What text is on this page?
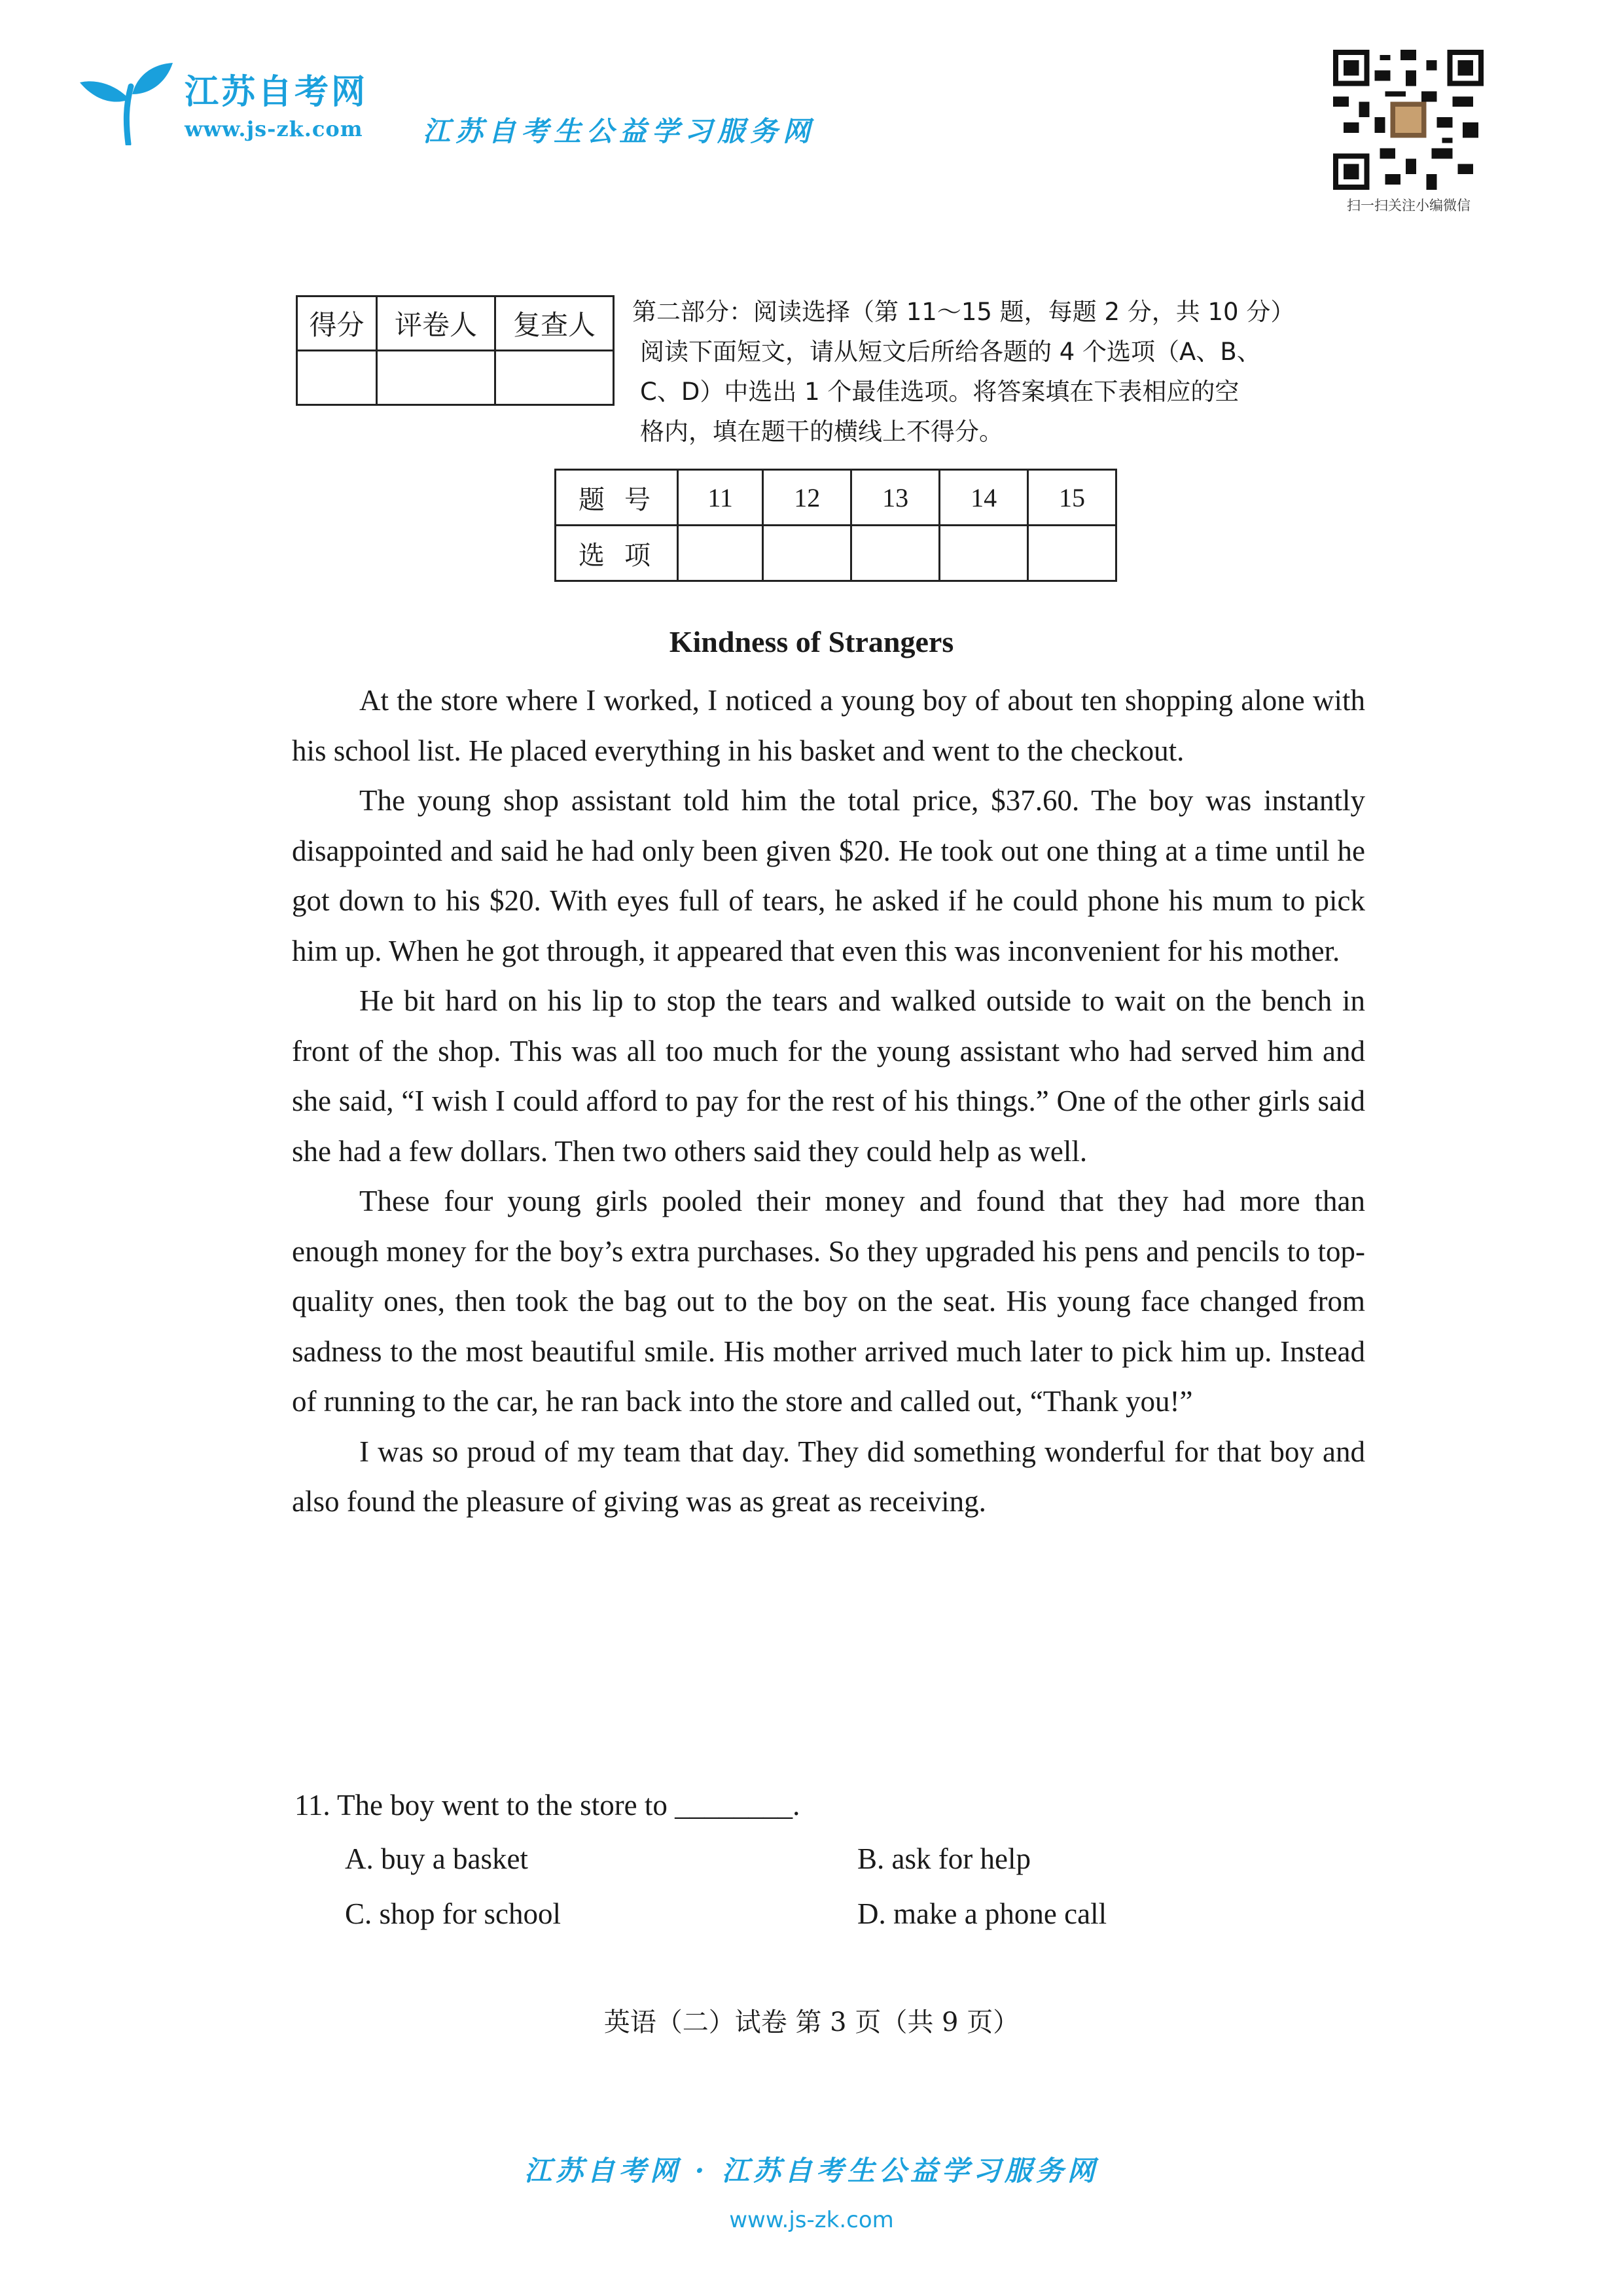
江苏自考网
www.js-zk.com 江苏自考生公益学习服务网
扫一扫关注小编微信
得分	评卷人	复查人
		第二部分：阅读选择（第 11～15 题，每题 2 分，共 10 分）
阅读下面短文，请从短文后所给各题的 4 个选项（A、B、
C、D）中选出 1 个最佳选项。将答案填在下表相应的空
格内，填在题干的横线上不得分。
题号	11	12	13	14	15
选项					
Kindness of Strangers

At the store where I worked, I noticed a young boy of about ten shopping alone with his school list. He placed everything in his basket and went to the checkout.

The young shop assistant told him the total price, $37.60. The boy was instantly disappointed and said he had only been given $20. He took out one thing at a time until he got down to his $20. With eyes full of tears, he asked if he could phone his mum to pick him up. When he got through, it appeared that even this was inconvenient for his mother.

He bit hard on his lip to stop the tears and walked outside to wait on the bench in front of the shop. This was all too much for the young assistant who had served him and she said, “I wish I could afford to pay for the rest of his things.” One of the other girls said she had a few dollars. Then two others said they could help as well.

These four young girls pooled their money and found that they had more than enough money for the boy’s extra purchases. So they upgraded his pens and pencils to top-quality ones, then took the bag out to the boy on the seat. His young face changed from sadness to the most beautiful smile. His mother arrived much later to pick him up. Instead of running to the car, he ran back into the store and called out, “Thank you!”

I was so proud of my team that day. They did something wonderful for that boy and also found the pleasure of giving was as great as receiving.

11. The boy went to the store to ________.
A. buy a basket	B. ask for help
C. shop for school	D. make a phone call
英语（二）试卷 第 3 页（共 9 页）
江苏自考网 · 江苏自考生公益学习服务网
www.js-zk.com
